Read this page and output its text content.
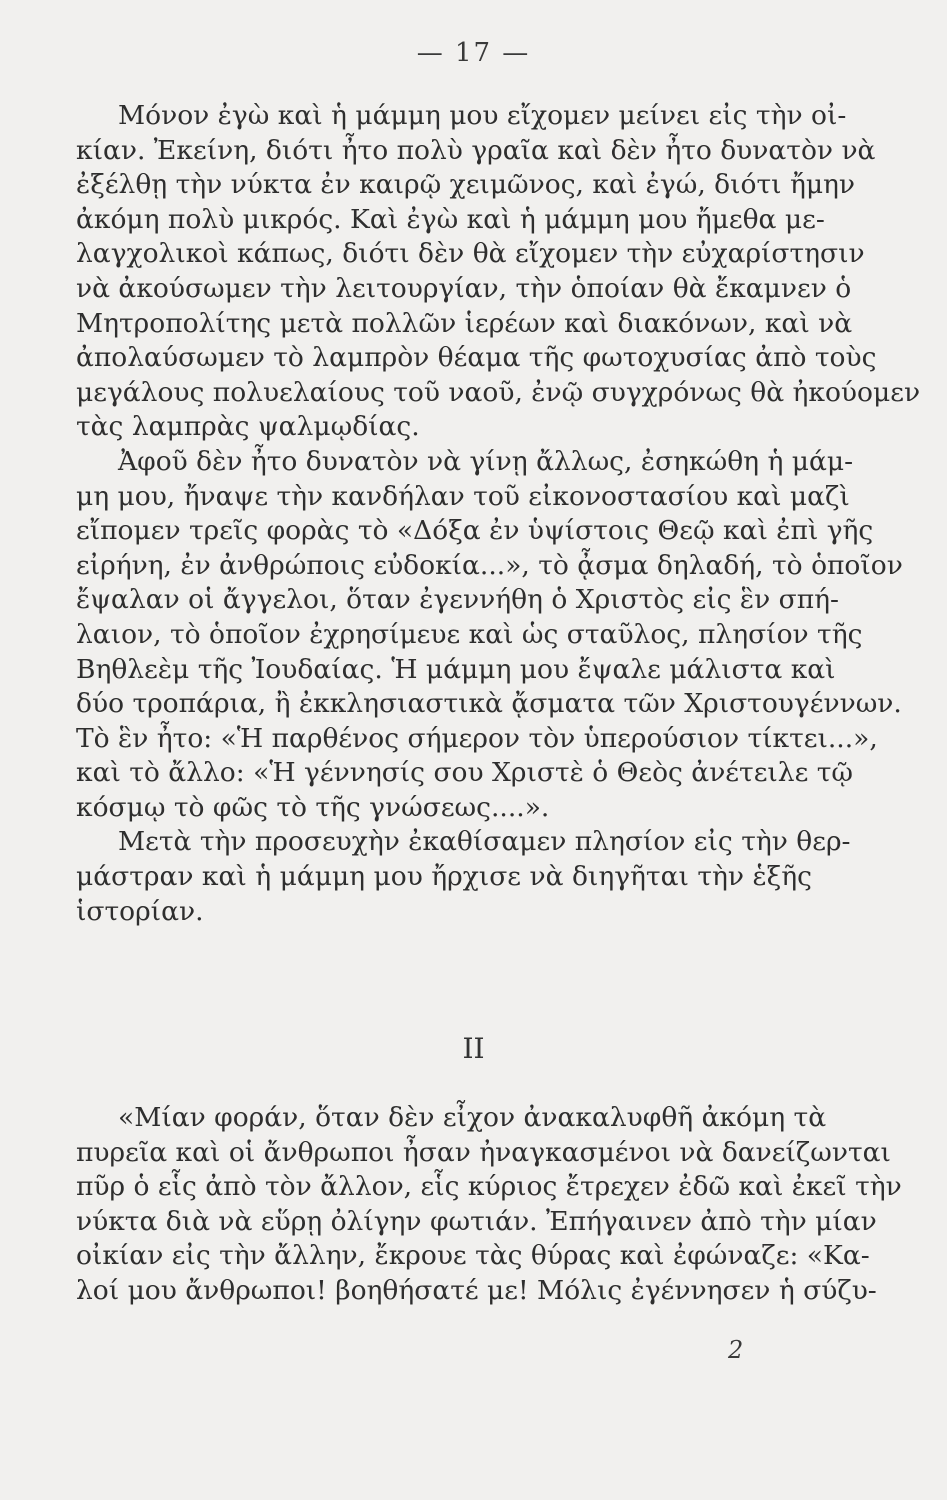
— 17 —
Μόνον ἐγὼ καὶ ἡ μάμμη μου εἴχομεν μείνει εἰς τὴν οἰ-
κίαν. Ἐκείνη, διότι ἦτο πολὺ γραῖα καὶ δὲν ἦτο δυνατὸν νὰ
ἐξέλθῃ τὴν νύκτα ἐν καιρῷ χειμῶνος, καὶ ἐγώ, διότι ἤμην
ἀκόμη πολὺ μικρός. Καὶ ἐγὼ καὶ ἡ μάμμη μου ἤμεθα με-
λαγχολικοὶ κάπως, διότι δὲν θὰ εἴχομεν τὴν εὐχαρίστησιν
νὰ ἀκούσωμεν τὴν λειτουργίαν, τὴν ὁποίαν θὰ ἔκαμνεν ὁ
Μητροπολίτης μετὰ πολλῶν ἱερέων καὶ διακόνων, καὶ νὰ
ἀπολαύσωμεν τὸ λαμπρὸν θέαμα τῆς φωτοχυσίας ἀπὸ τοὺς
μεγάλους πολυελαίους τοῦ ναοῦ, ἐνῷ συγχρόνως θὰ ἠκούομεν
τὰς λαμπρὰς ψαλμῳδίας.
Ἀφοῦ δὲν ἦτο δυνατὸν νὰ γίνῃ ἄλλως, ἐσηκώθη ἡ μάμ-
μη μου, ἤναψε τὴν κανδήλαν τοῦ εἰκονοστασίου καὶ μαζὶ
εἴπομεν τρεῖς φορὰς τὸ «Δόξα ἐν ὑψίστοις Θεῷ καὶ ἐπὶ γῆς
εἰρήνη, ἐν ἀνθρώποις εὐδοκία...», τὸ ᾆσμα δηλαδή, τὸ ὁποῖον
ἔψαλαν οἱ ἄγγελοι, ὅταν ἐγεννήθη ὁ Χριστὸς εἰς ἓν σπή-
λαιον, τὸ ὁποῖον ἐχρησίμευε καὶ ὡς σταῦλος, πλησίον τῆς
Βηθλεὲμ τῆς Ἰουδαίας. Ἡ μάμμη μου ἔψαλε μάλιστα καὶ
δύο τροπάρια, ἢ ἐκκλησιαστικὰ ᾄσματα τῶν Χριστουγέννων.
Τὸ ἓν ἦτο: «Ἡ παρθένος σήμερον τὸν ὑπερούσιον τίκτει...»,
καὶ τὸ ἄλλο: «Ἡ γέννησίς σου Χριστὲ ὁ Θεὸς ἀνέτειλε τῷ
κόσμῳ τὸ φῶς τὸ τῆς γνώσεως....».
Μετὰ τὴν προσευχὴν ἐκαθίσαμεν πλησίον εἰς τὴν θερ-
μάστραν καὶ ἡ μάμμη μου ἤρχισε νὰ διηγῆται τὴν ἑξῆς
ἱστορίαν.
II
«Μίαν φοράν, ὅταν δὲν εἶχον ἀνακαλυφθῆ ἀκόμη τὰ
πυρεῖα καὶ οἱ ἄνθρωποι ἦσαν ἠναγκασμένοι νὰ δανείζωνται
πῦρ ὁ εἷς ἀπὸ τὸν ἄλλον, εἷς κύριος ἔτρεχεν ἐδῶ καὶ ἐκεῖ τὴν
νύκτα διὰ νὰ εὕρῃ ὀλίγην φωτιάν. Ἐπήγαινεν ἀπὸ τὴν μίαν
οἰκίαν εἰς τὴν ἄλλην, ἔκρουε τὰς θύρας καὶ ἐφώναζε: «Κα-
λοί μου ἄνθρωποι! βοηθήσατέ με! Μόλις ἐγέννησεν ἡ σύζυ-
2
